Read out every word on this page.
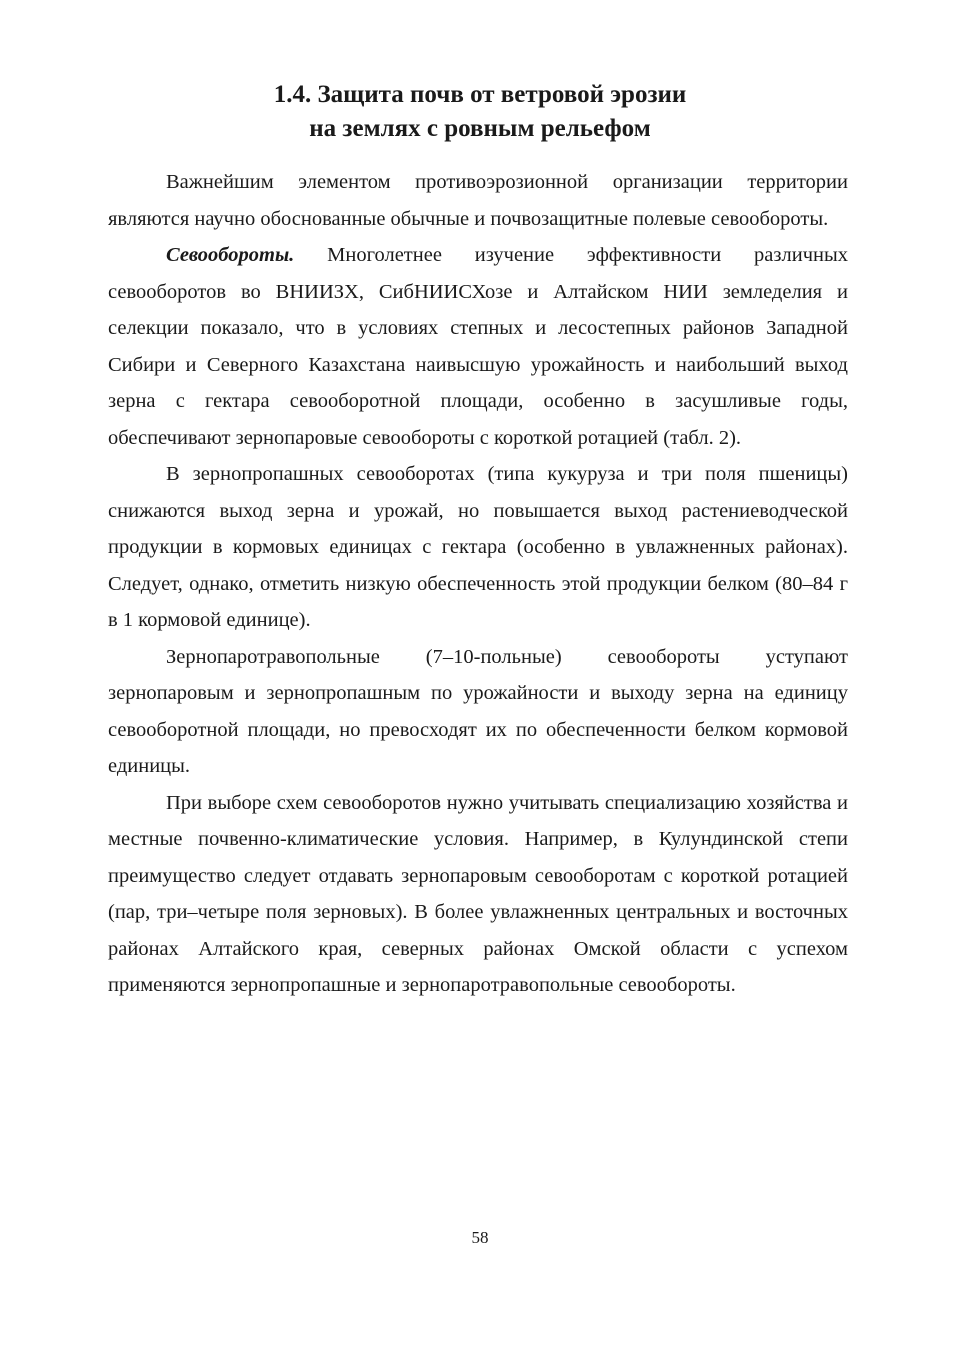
1.4. Защита почв от ветровой эрозии
на землях с ровным рельефом

Важнейшим элементом противоэрозионной организации территории являются научно обоснованные обычные и почвозащитные полевые севообороты.

Севообороты. Многолетнее изучение эффективности различных севооборотов во ВНИИЗХ, СибНИИСХозе и Алтайском НИИ земледелия и селекции показало, что в условиях степных и лесостепных районов Западной Сибири и Северного Казахстана наивысшую урожайность и наибольший выход зерна с гектара севооборотной площади, особенно в засушливые годы, обеспечивают зернопаровые севообороты с короткой ротацией (табл. 2).

В зернопропашных севооборотах (типа кукуруза и три поля пшеницы) снижаются выход зерна и урожай, но повышается выход растениеводческой продукции в кормовых единицах с гектара (особенно в увлажненных районах). Следует, однако, отметить низкую обеспеченность этой продукции белком (80–84 г в 1 кормовой единице).

Зернопаротравопольные (7–10-польные) севообороты уступают зернопаровым и зернопропашным по урожайности и выходу зерна на единицу севооборотной площади, но превосходят их по обеспеченности белком кормовой единицы.

При выборе схем севооборотов нужно учитывать специализацию хозяйства и местные почвенно-климатические условия. Например, в Кулундинской степи преимущество следует отдавать зернопаровым севооборотам с короткой ротацией (пар, три–четыре поля зерновых). В более увлажненных центральных и восточных районах Алтайского края, северных районах Омской области с успехом применяются зернопропашные и зернопаротравопольные севообороты.

58
